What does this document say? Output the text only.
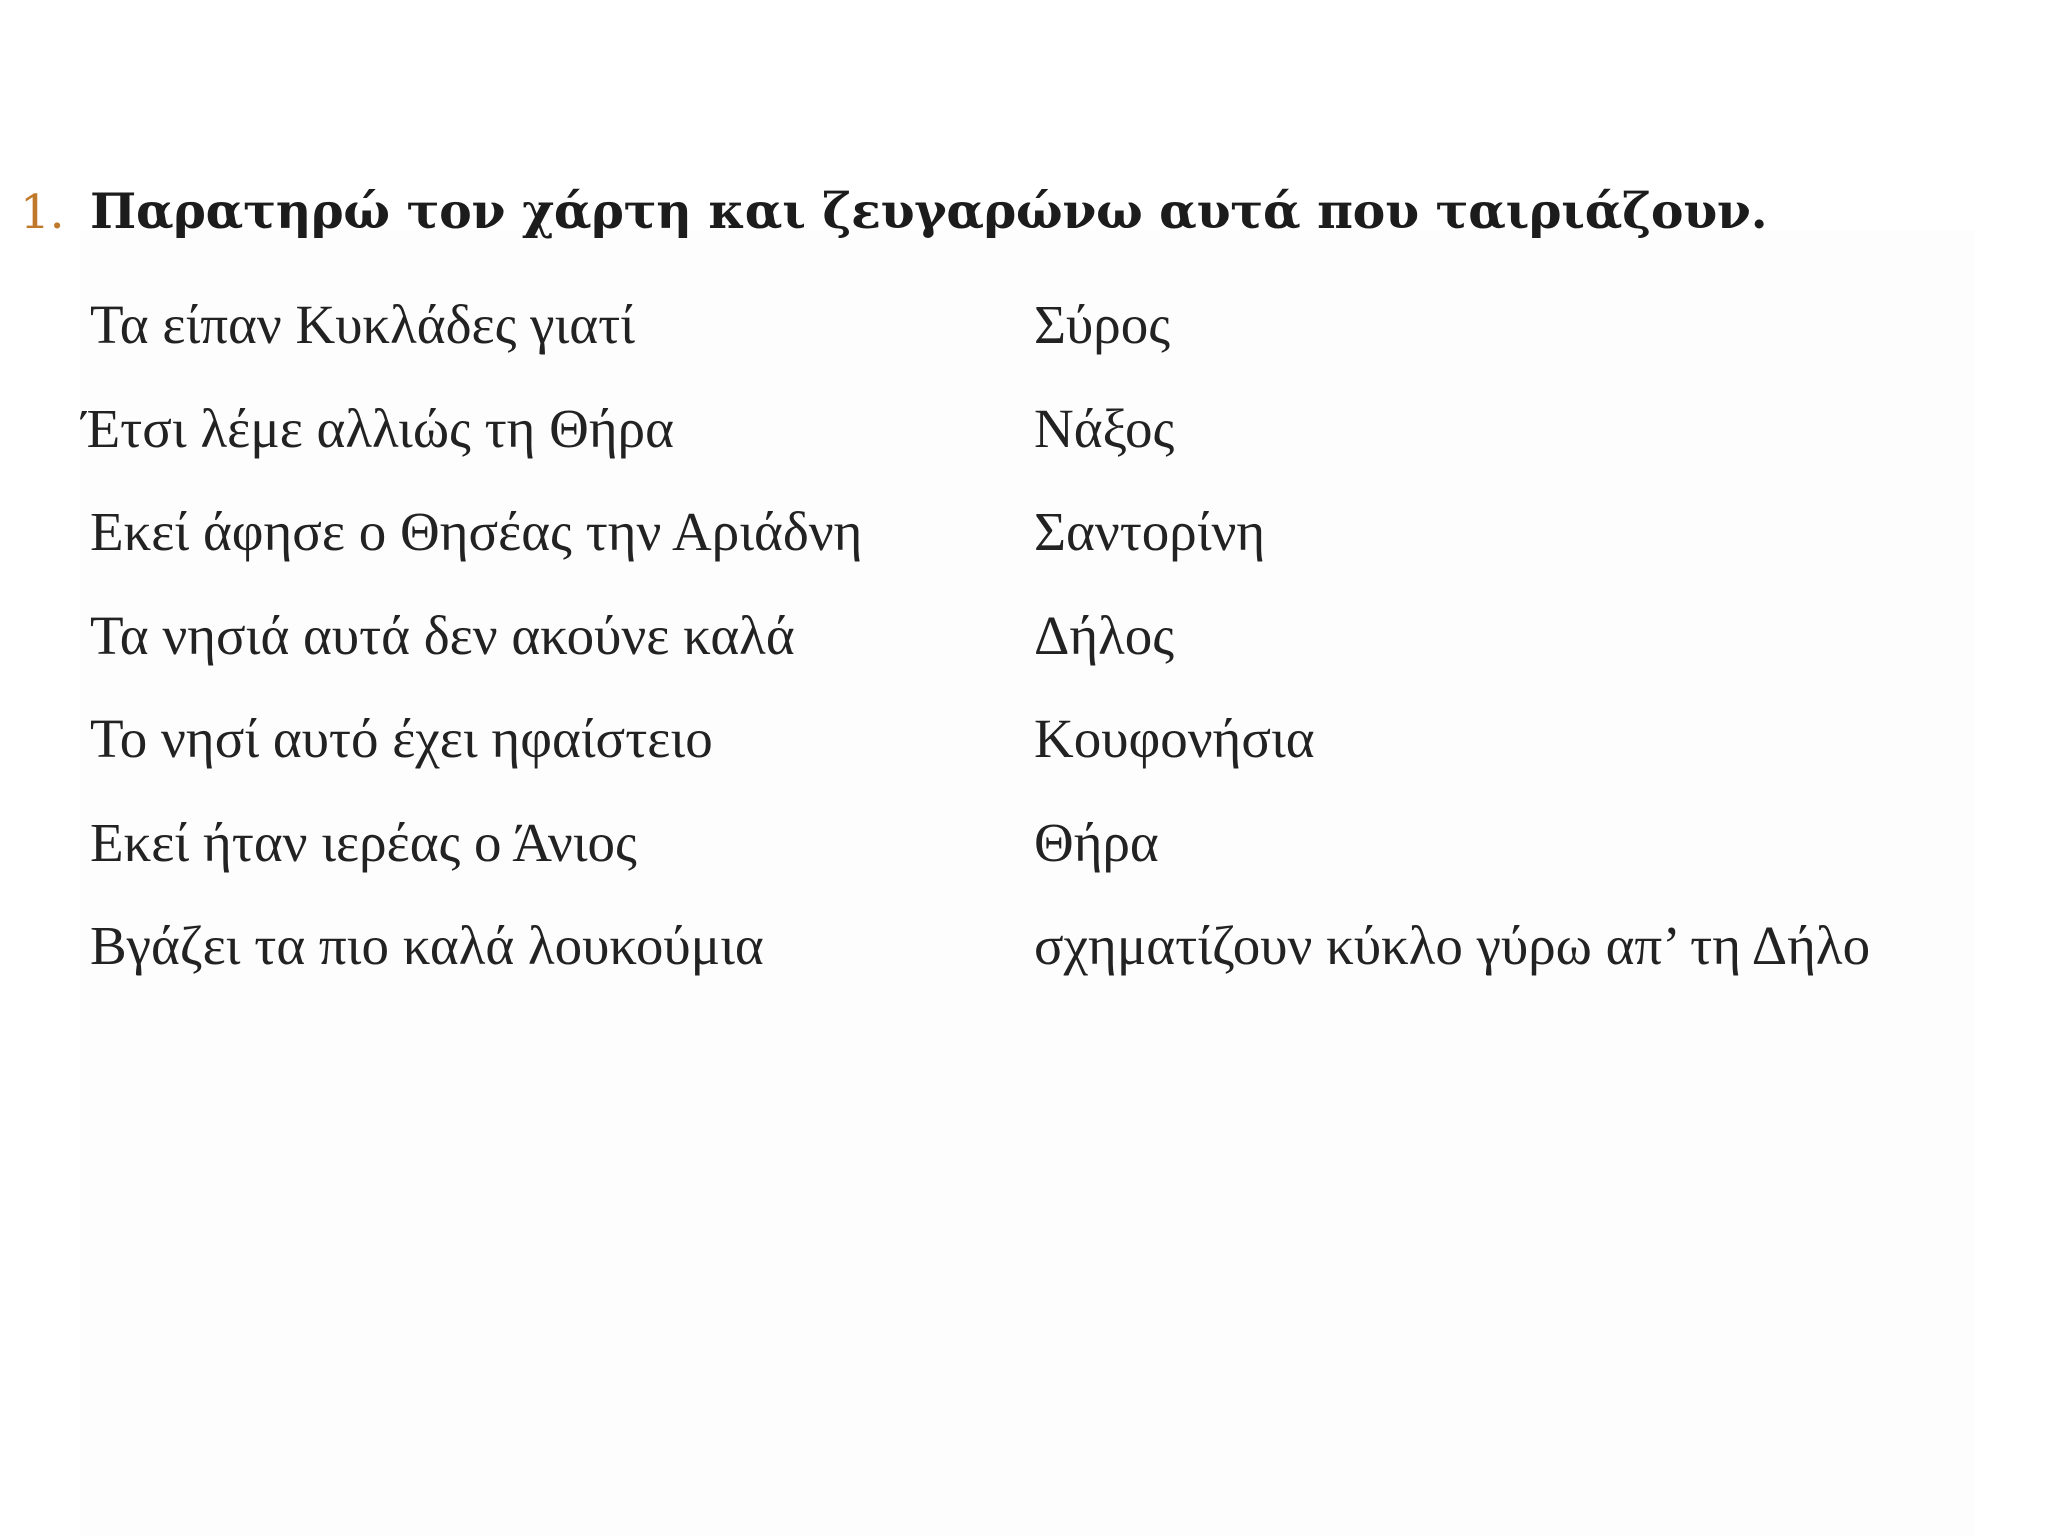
1. Παρατηρώ τον χάρτη και ζευγαρώνω αυτά που ταιριάζουν.
Τα είπαν Κυκλάδες γιατί	Σύρος
Έτσι λέμε αλλιώς τη Θήρα	Νάξος
Εκεί άφησε ο Θησέας την Αριάδνη	Σαντορίνη
Τα νησιά αυτά δεν ακούνε καλά	Δήλος
Το νησί αυτό έχει ηφαίστειο	Κουφονήσια
Εκεί ήταν ιερέας ο Άνιος	Θήρα
Βγάζει τα πιο καλά λουκούμια	σχηματίζουν κύκλο γύρω απ’ τη Δήλο
